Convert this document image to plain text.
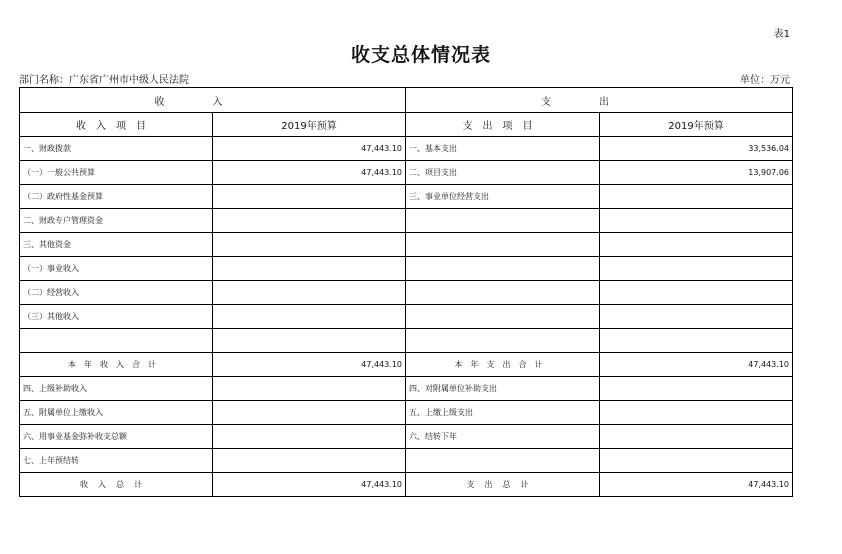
表1
收支总体情况表
部门名称：广东省广州市中级人民法院	单位：万元
收入		支出	
收入项目	2019年预算	支出项目	2019年预算
一、财政拨款	47,443.10	一、基本支出	33,536.04
（一）一般公共预算	47,443.10	二、项目支出	13,907.06
（二）政府性基金预算		三、事业单位经营支出	
二、财政专户管理资金			
三、其他资金			
（一）事业收入			
（二）经营收入			
（三）其他收入			

本年收入合计	47,443.10	本年支出合计	47,443.10
四、上级补助收入		四、对附属单位补助支出	
五、附属单位上缴收入		五、上缴上级支出	
六、用事业基金弥补收支总额		六、结转下年	
七、上年预结转			
收入总计	47,443.10	支出总计	47,443.10
